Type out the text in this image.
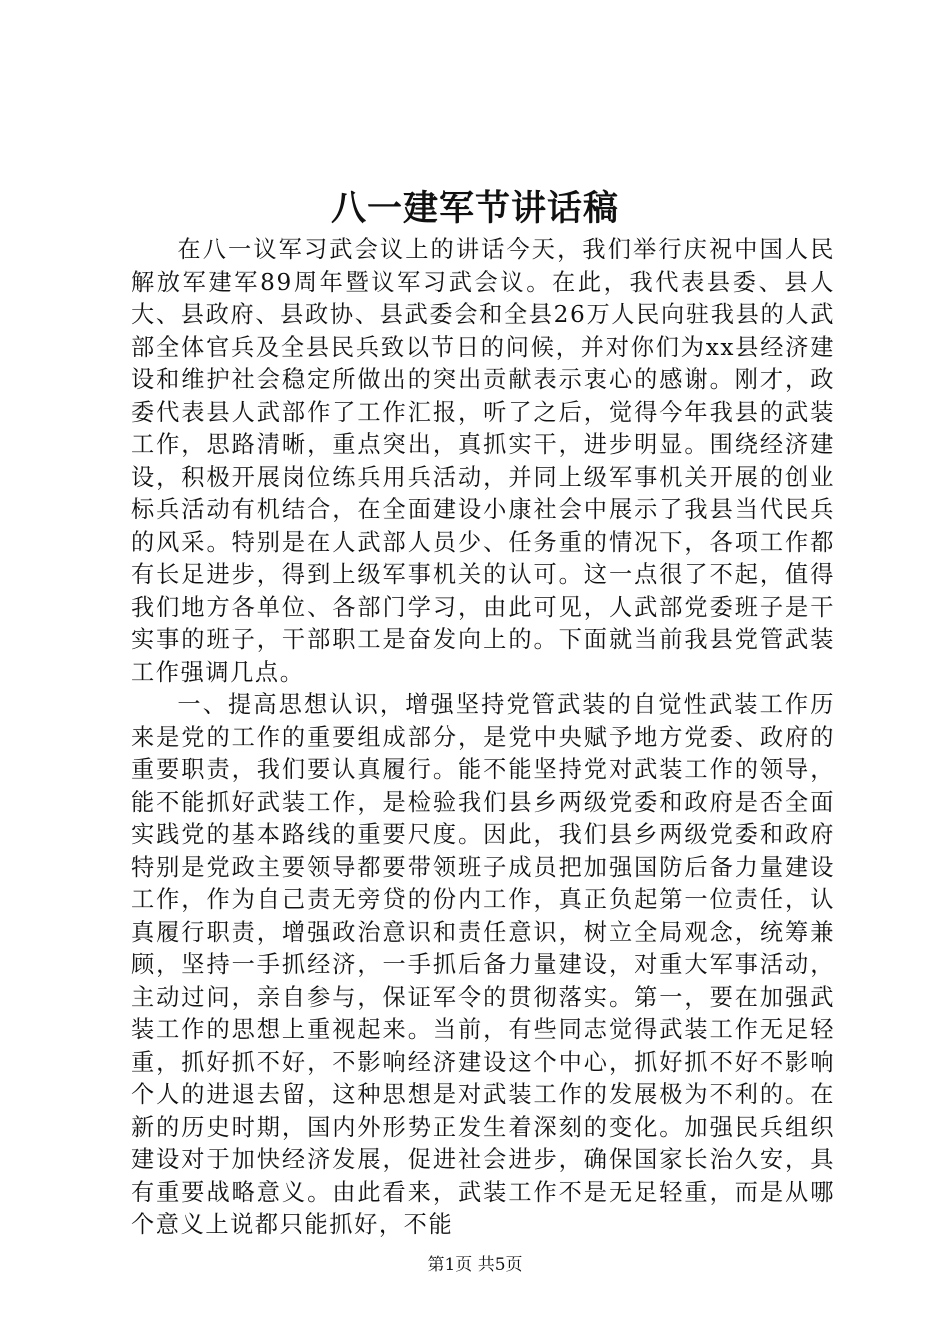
八一建军节讲话稿

在八一议军习武会议上的讲话今天，我们举行庆祝中国人民解放军建军89周年暨议军习武会议。在此，我代表县委、县人大、县政府、县政协、县武委会和全县26万人民向驻我县的人武部全体官兵及全县民兵致以节日的问候，并对你们为xx县经济建设和维护社会稳定所做出的突出贡献表示衷心的感谢。刚才，政委代表县人武部作了工作汇报，听了之后，觉得今年我县的武装工作，思路清晰，重点突出，真抓实干，进步明显。围绕经济建设，积极开展岗位练兵用兵活动，并同上级军事机关开展的创业标兵活动有机结合，在全面建设小康社会中展示了我县当代民兵的风采。特别是在人武部人员少、任务重的情况下，各项工作都有长足进步，得到上级军事机关的认可。这一点很了不起，值得我们地方各单位、各部门学习，由此可见，人武部党委班子是干实事的班子，干部职工是奋发向上的。下面就当前我县党管武装工作强调几点。

一、提高思想认识，增强坚持党管武装的自觉性武装工作历来是党的工作的重要组成部分，是党中央赋予地方党委、政府的重要职责，我们要认真履行。能不能坚持党对武装工作的领导，能不能抓好武装工作，是检验我们县乡两级党委和政府是否全面实践党的基本路线的重要尺度。因此，我们县乡两级党委和政府特别是党政主要领导都要带领班子成员把加强国防后备力量建设工作，作为自己责无旁贷的份内工作，真正负起第一位责任，认真履行职责，增强政治意识和责任意识，树立全局观念，统筹兼顾，坚持一手抓经济，一手抓后备力量建设，对重大军事活动，主动过问，亲自参与，保证军令的贯彻落实。第一，要在加强武装工作的思想上重视起来。当前，有些同志觉得武装工作无足轻重，抓好抓不好，不影响经济建设这个中心，抓好抓不好不影响个人的进退去留，这种思想是对武装工作的发展极为不利的。在新的历史时期，国内外形势正发生着深刻的变化。加强民兵组织建设对于加快经济发展，促进社会进步，确保国家长治久安，具有重要战略意义。由此看来，武装工作不是无足轻重，而是从哪个意义上说都只能抓好，不能

第1页 共5页
